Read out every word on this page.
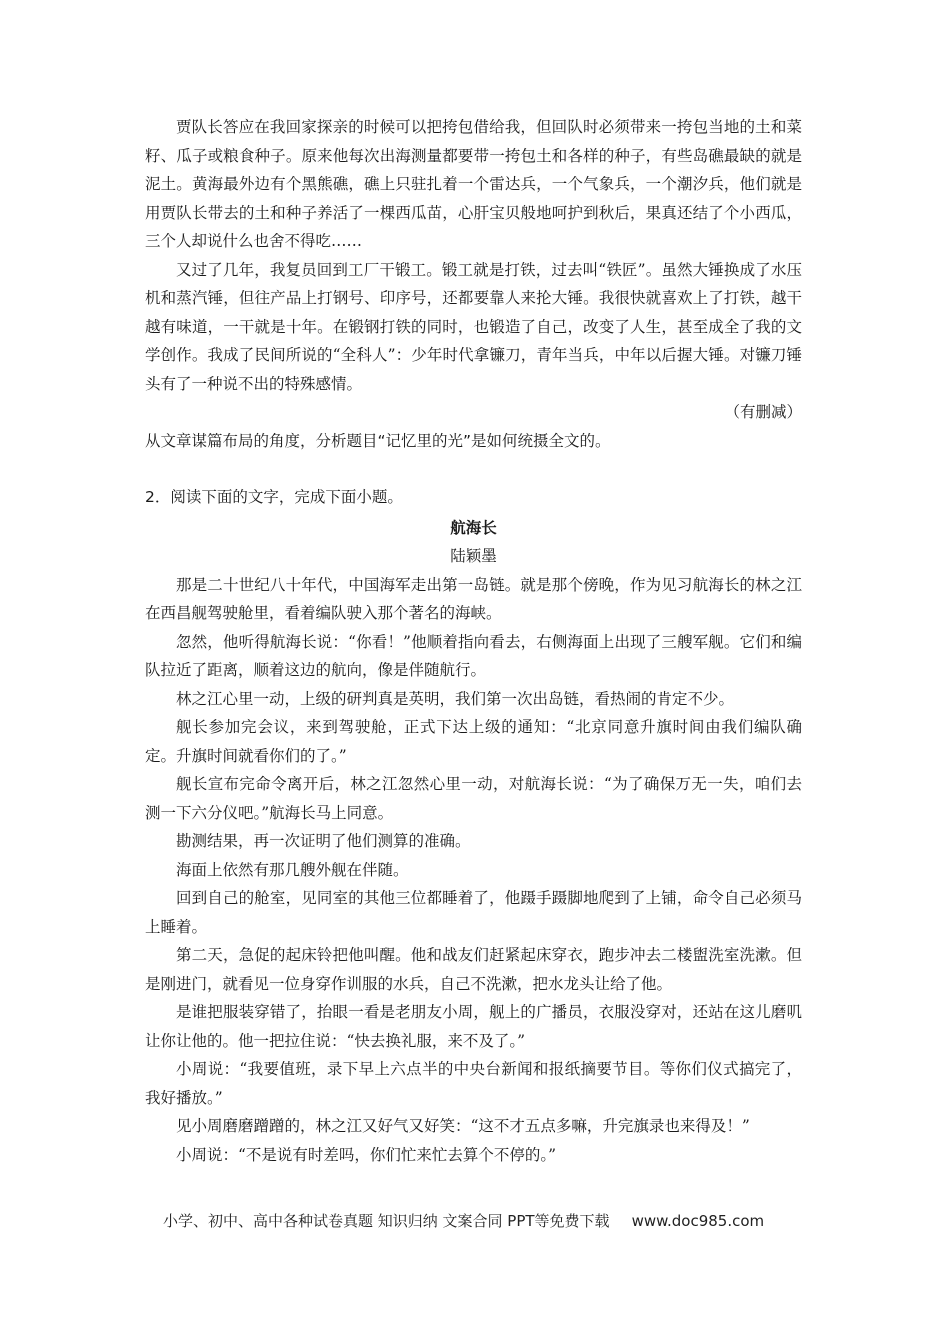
贾队长答应在我回家探亲的时候可以把挎包借给我，但回队时必须带来一挎包当地的土和菜籽、瓜子或粮食种子。原来他每次出海测量都要带一挎包土和各样的种子，有些岛礁最缺的就是泥土。黄海最外边有个黑熊礁，礁上只驻扎着一个雷达兵，一个气象兵，一个潮汐兵，他们就是用贾队长带去的土和种子养活了一棵西瓜苗，心肝宝贝般地呵护到秋后，果真还结了个小西瓜，三个人却说什么也舍不得吃……

又过了几年，我复员回到工厂干锻工。锻工就是打铁，过去叫“铁匠”。虽然大锤换成了水压机和蒸汽锤，但往产品上打钢号、印序号，还都要靠人来抡大锤。我很快就喜欢上了打铁，越干越有味道，一干就是十年。在锻钢打铁的同时，也锻造了自己，改变了人生，甚至成全了我的文学创作。我成了民间所说的“全科人”：少年时代拿镰刀，青年当兵，中年以后握大锤。对镰刀锤头有了一种说不出的特殊感情。

（有删减）

从文章谋篇布局的角度，分析题目“记忆里的光”是如何统摄全文的。

2．阅读下面的文字，完成下面小题。

航海长

陆颖墨

那是二十世纪八十年代，中国海军走出第一岛链。就是那个傍晚，作为见习航海长的林之江在西昌舰驾驶舱里，看着编队驶入那个著名的海峡。

忽然，他听得航海长说：“你看！”他顺着指向看去，右侧海面上出现了三艘军舰。它们和编队拉近了距离，顺着这边的航向，像是伴随航行。

林之江心里一动，上级的研判真是英明，我们第一次出岛链，看热闹的肯定不少。

舰长参加完会议，来到驾驶舱，正式下达上级的通知：“北京同意升旗时间由我们编队确定。升旗时间就看你们的了。”

舰长宣布完命令离开后，林之江忽然心里一动，对航海长说：“为了确保万无一失，咱们去测一下六分仪吧。”航海长马上同意。

勘测结果，再一次证明了他们测算的准确。

海面上依然有那几艘外舰在伴随。

回到自己的舱室，见同室的其他三位都睡着了，他蹑手蹑脚地爬到了上铺，命令自己必须马上睡着。

第二天，急促的起床铃把他叫醒。他和战友们赶紧起床穿衣，跑步冲去二楼盥洗室洗漱。但是刚进门，就看见一位身穿作训服的水兵，自己不洗漱，把水龙头让给了他。

是谁把服装穿错了，抬眼一看是老朋友小周，舰上的广播员，衣服没穿对，还站在这儿磨叽让你让他的。他一把拉住说：“快去换礼服，来不及了。”

小周说：“我要值班，录下早上六点半的中央台新闻和报纸摘要节目。等你们仪式搞完了，我好播放。”

见小周磨磨蹭蹭的，林之江又好气又好笑：“这不才五点多嘛，升完旗录也来得及！”

小周说：“不是说有时差吗，你们忙来忙去算个不停的。”

小学、初中、高中各种试卷真题 知识归纳 文案合同 PPT等免费下载 www.doc985.com
